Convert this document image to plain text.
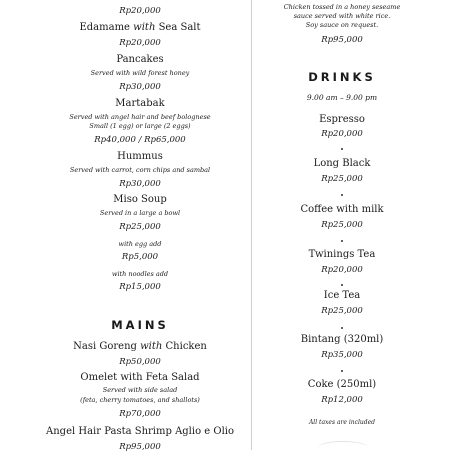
Rp20,000
Edamame with Sea Salt
Rp20,000
Pancakes
Served with wild forest honey
Rp30,000
Martabak
Served with angel hair and beef bolognese
Small (1 egg) or large (2 eggs)
Rp40,000 / Rp65,000
Hummus
Served with carrot, corn chips and sambal
Rp30,000
Miso Soup
Served in a large a bowl
Rp25,000
with egg add
Rp5,000
with noodles add
Rp15,000
MAINS
Nasi Goreng with Chicken
Rp50,000
Omelet with Feta Salad
Served with side salad
(feta, cherry tomatoes, and shallots)
Rp70,000
Angel Hair Pasta Shrimp Aglio e Olio
Rp95,000
Chicken tossed in a honey seseame
sauce served with white rice.
Soy sauce on request.
Rp95,000
DRINKS
9.00 am – 9.00 pm
Espresso
Rp20,000
Long Black
Rp25,000
Coffee with milk
Rp25,000
Twinings Tea
Rp20,000
Ice Tea
Rp25,000
Bintang (320ml)
Rp35,000
Coke (250ml)
Rp12,000
All taxes are included
